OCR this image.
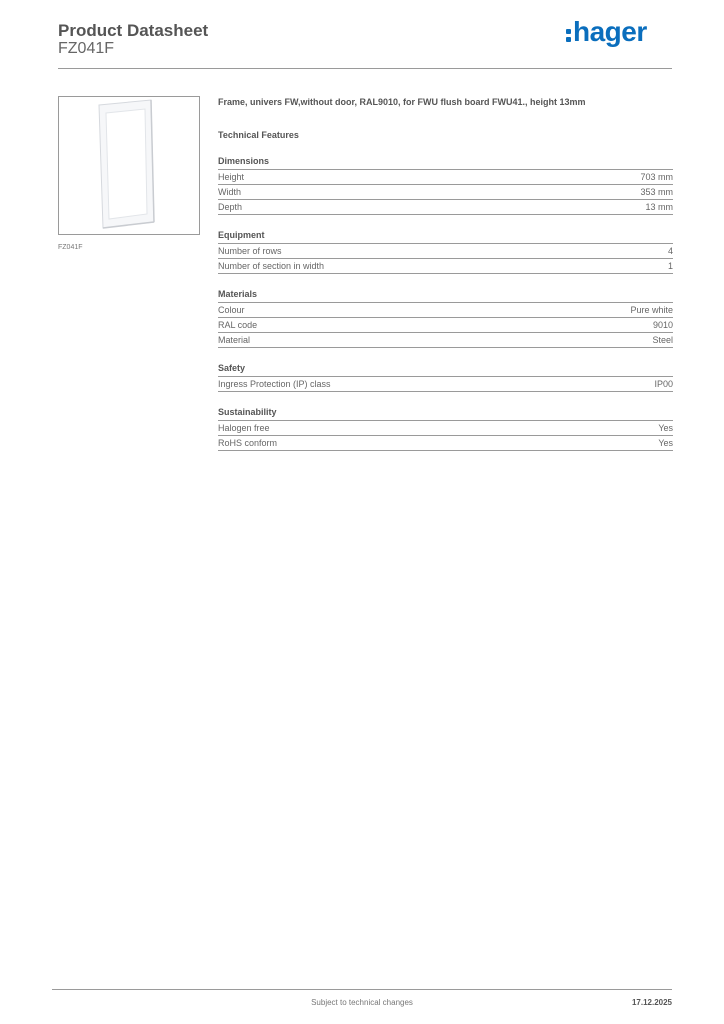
Product Datasheet
FZ041F
hager
FZ041F
Frame, univers FW,without door, RAL9010, for FWU flush board FWU41., height 13mm
Technical Features
Dimensions
Height	703 mm
Width	353 mm
Depth	13 mm
Equipment
Number of rows	4
Number of section in width	1
Materials
Colour	Pure white
RAL code	9010
Material	Steel
Safety
Ingress Protection (IP) class	IP00
Sustainability
Halogen free	Yes
RoHS conform	Yes
Subject to technical changes	17.12.2025
